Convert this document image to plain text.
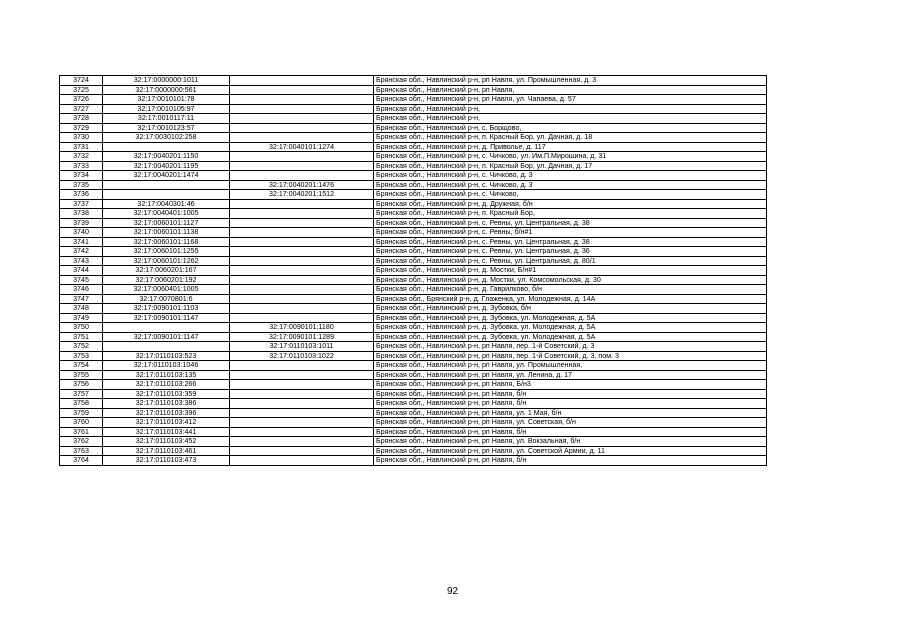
3724	32:17:0000000:1011		Брянская обл., Навлинский р-н, рп Навля, ул. Промышленная, д. 3
3725	32:17:0000000:561		Брянская обл., Навлинский р-н, рп Навля,
3726	32:17:0010101:78		Брянская обл., Навлинский р-н, рп Навля, ул. Чапаева, д. 57
3727	32:17:0010105:97		Брянская обл., Навлинский р-н,
3728	32:17:0010117:11		Брянская обл., Навлинский р-н,
3729	32:17:0010123:57		Брянская обл., Навлинский р-н, с. Борщово,
3730	32:17:0030102:258		Брянская обл., Навлинский р-н, п. Красный Бор, ул. Дачная, д. 18
3731		32:17:0040101:1274	Брянская обл., Навлинский р-н, д. Приволье, д. 117
3732	32:17:0040201:1150		Брянская обл., Навлинский р-н, с. Чичково, ул. Им.П.Мирошина, д. 31
3733	32:17:0040201:1195		Брянская обл., Навлинский р-н, п. Красный Бор, ул. Дачная, д. 17
3734	32:17:0040201:1474		Брянская обл., Навлинский р-н, с. Чичково, д. 3
3735		32:17:0040201:1476	Брянская обл., Навлинский р-н, с. Чичково, д. 3
3736		32:17:0040201:1512	Брянская обл., Навлинский р-н, с. Чичково,
3737	32:17:0040301:46		Брянская обл., Навлинский р-н, д. Дружная, б/н
3738	32:17:0040401:1005		Брянская обл., Навлинский р-н, п. Красный Бор,
3739	32:17:0060101:1127		Брянская обл., Навлинский р-н, с. Ревны, ул. Центральная, д. 38
3740	32:17:0060101:1138		Брянская обл., Навлинский р-н, с. Ревны, б/н#1
3741	32:17:0060101:1168		Брянская обл., Навлинский р-н, с. Ревны, ул. Центральная, д. 38
3742	32:17:0060101:1255		Брянская обл., Навлинский р-н, с. Ревны, ул. Центральная, д. 36
3743	32:17:0060101:1262		Брянская обл., Навлинский р-н, с. Ревны, ул. Центральная, д. 80/1
3744	32:17:0060201:167		Брянская обл., Навлинский р-н, д. Мостки, Б/н#1
3745	32:17:0060201:192		Брянская обл., Навлинский р-н, д. Мостки, ул. Комсомольская, д. 30
3746	32:17:0060401:1005		Брянская обл., Навлинский р-н, д. Гаврилково, б/н
3747	32:17:0070801:6		Брянская обл., Брянский р-н, д. Глаженка, ул. Молодежная, д. 14А
3748	32:17:0090101:1103		Брянская обл., Навлинский р-н, д. Зубовка, б/н
3749	32:17:0090101:1147		Брянская обл., Навлинский р-н, д. Зубовка, ул. Молодежная, д. 5А
3750		32:17:0090101:1180	Брянская обл., Навлинский р-н, д. Зубовка, ул. Молодежная, д. 5А
3751	32:17:0090101:1147	32:17:0090101:1289	Брянская обл., Навлинский р-н, д. Зубовка, ул. Молодежная, д. 5А
3752		32:17:0110103:1011	Брянская обл., Навлинский р-н, рп Навля, пер. 1-й Советский, д. 3
3753	32:17:0110103:523	32:17:0110103:1022	Брянская обл., Навлинский р-н, рп Навля, пер. 1-й Советский, д. 3, пом. 3
3754	32:17:0110103:1046		Брянская обл., Навлинский р-н, рп Навля, ул. Промышленная,
3755	32:17:0110103:135		Брянская обл., Навлинский р-н, рп Навля, ул. Ленина, д. 17
3756	32:17:0110103:266		Брянская обл., Навлинский р-н, рп Навля, Б/н3
3757	32:17:0110103:359		Брянская обл., Навлинский р-н, рп Навля, б/н
3758	32:17:0110103:386		Брянская обл., Навлинский р-н, рп Навля, б/н
3759	32:17:0110103:396		Брянская обл., Навлинский р-н, рп Навля, ул. 1 Мая, б/н
3760	32:17:0110103:412		Брянская обл., Навлинский р-н, рп Навля, ул. Советская, б/н
3761	32:17:0110103:441		Брянская обл., Навлинский р-н, рп Навля, б/н
3762	32:17:0110103:452		Брянская обл., Навлинский р-н, рп Навля, ул. Вокзальная, б/н
3763	32:17:0110103:461		Брянская обл., Навлинский р-н, рп Навля, ул. Советской Армии, д. 11
3764	32:17:0110103:473		Брянская обл., Навлинский р-н, рп Навля, б/н
92
